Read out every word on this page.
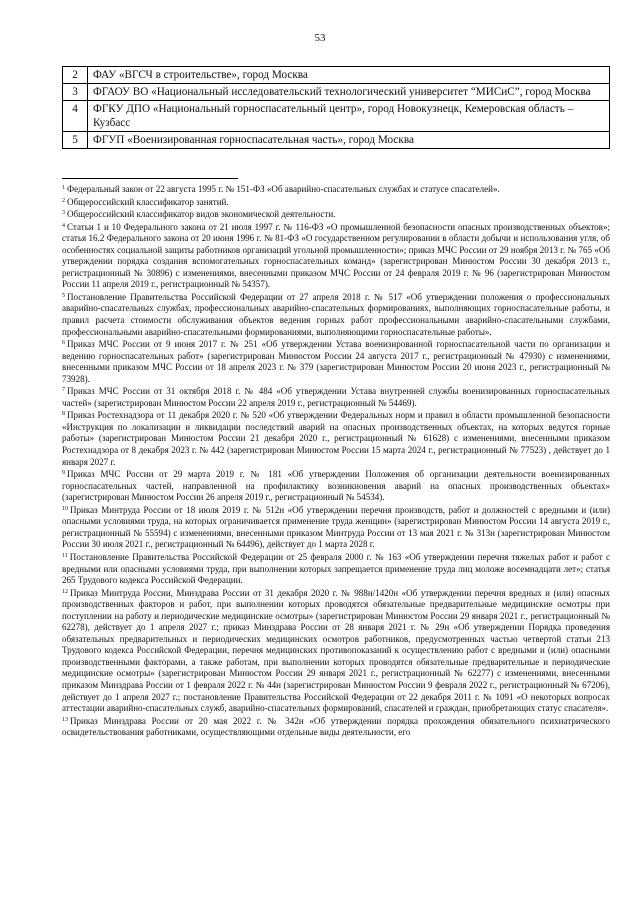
53
2	ФАУ «ВГСЧ в строительстве», город Москва
3	ФГАОУ ВО «Национальный исследовательский технологический университет “МИСиС”, город Москва
4	ФГКУ ДПО «Национальный горноспасательный центр», город Новокузнецк, Кемеровская область – Кузбасс
5	ФГУП «Военизированная горноспасательная часть», город Москва

$^1$ Федеральный закон от 22 августа 1995 г. № 151-ФЗ «Об аварийно-спасательных службах и статусе спасателей».

$^2$ Общероссийский классификатор занятий.

$^3$ Общероссийский классификатор видов экономической деятельности.

$^4$ Статьи 1 и 10 Федерального закона от 21 июля 1997 г. № 116-ФЗ «О промышленной безопасности опасных производственных объектов»; статья 16.2 Федерального закона от 20 июня 1996 г. № 81-ФЗ «О государственном регулировании в области добычи и использования угля, об особенностях социальной защиты работников организаций угольной промышленности»; приказ МЧС России от 29 ноября 2013 г. № 765 «Об утверждении порядка создания вспомогательных горноспасательных команд» (зарегистрирован Минюстом России 30 декабря 2013 г., регистрационный № 30896) с изменениями, внесенными приказом МЧС России от 24 февраля 2019 г. № 96 (зарегистрирован Минюстом России 11 апреля 2019 г., регистрационный № 54357).

$^5$ Постановление Правительства Российской Федерации от 27 апреля 2018 г. № 517 «Об утверждении положения о профессиональных аварийно-спасательных службах, профессиональных аварийно-спасательных формированиях, выполняющих горноспасательные работы, и правил расчета стоимости обслуживания объектов ведения горных работ профессиональными аварийно-спасательными службами, профессиональными аварийно-спасательными формированиями, выполняющими горноспасательные работы».

$^6$ Приказ МЧС России от 9 июня 2017 г. № 251 «Об утверждении Устава военизированной горноспасательной части по организации и ведению горноспасательных работ» (зарегистрирован Минюстом России 24 августа 2017 г., регистрационный № 47930) с изменениями, внесенными приказом МЧС России от 18 апреля 2023 г. № 379 (зарегистрирован Минюстом России 20 июня 2023 г., регистрационный № 73928).

$^7$ Приказ МЧС России от 31 октября 2018 г. № 484 «Об утверждении Устава внутренней службы военизированных горноспасательных частей» (зарегистрирован Минюстом России 22 апреля 2019 г., регистрационный № 54469).

$^8$ Приказ Ростехнадзора от 11 декабря 2020 г. № 520 «Об утверждении Федеральных норм и правил в области промышленной безопасности «Инструкция по локализации и ликвидации последствий аварий на опасных производственных объектах, на которых ведутся горные работы» (зарегистрирован Минюстом России 21 декабря 2020 г., регистрационный № 61628) с изменениями, внесенными приказом Ростехнадзора от 8 декабря 2023 г. № 442 (зарегистрирован Минюстом России 15 марта 2024 г., регистрационный № 77523) , действует до 1 января 2027 г.

$^9$ Приказ МЧС России от 29 марта 2019 г. № 181 «Об утверждении Положения об организации деятельности военизированных горноспасательных частей, направленной на профилактику возникновения аварий на опасных производственных объектах» (зарегистрирован Минюстом России 26 апреля 2019 г., регистрационный № 54534).

$^{10}$ Приказ Минтруда России от 18 июля 2019 г. № 512н «Об утверждении перечня производств, работ и должностей с вредными и (или) опасными условиями труда, на которых ограничивается применение труда женщин» (зарегистрирован Минюстом России 14 августа 2019 г., регистрационный № 55594) с изменениями, внесенными приказом Минтруда России от 13 мая 2021 г. № 313н (зарегистрирован Минюстом России 30 июля 2021 г., регистрационный № 64496), действует до 1 марта 2028 г.

$^{11}$ Постановление Правительства Российской Федерации от 25 февраля 2000 г. № 163 «Об утверждении перечня тяжелых работ и работ с вредными или опасными условиями труда, при выполнении которых запрещается применение труда лиц моложе восемнадцати лет»; статья 265 Трудового кодекса Российской Федерации.

$^{12}$ Приказ Минтруда России, Минздрава России от 31 декабря 2020 г. № 988н/1420н «Об утверждении перечня вредных и (или) опасных производственных факторов и работ, при выполнении которых проводятся обязательные предварительные медицинские осмотры при поступлении на работу и периодические медицинские осмотры» (зарегистрирован Минюстом России 29 января 2021 г., регистрационный № 62278), действует до 1 апреля 2027 г.; приказ Минздрава России от 28 января 2021 г. № 29н «Об утверждении Порядка проведения обязательных предварительных и периодических медицинских осмотров работников, предусмотренных частью четвертой статьи 213 Трудового кодекса Российской Федерации, перечня медицинских противопоказаний к осуществлению работ с вредными и (или) опасными производственными факторами, а также работам, при выполнении которых проводятся обязательные предварительные и периодические медицинские осмотры» (зарегистрирован Минюстом России 29 января 2021 г., регистрационный № 62277) с изменениями, внесенными приказом Минздрава России от 1 февраля 2022 г. № 44н (зарегистрирован Минюстом России 9 февраля 2022 г., регистрационный № 67206), действует до 1 апреля 2027 г.; постановление Правительства Российской Федерации от 22 декабря 2011 г. № 1091 «О некоторых вопросах аттестации аварийно-спасательных служб, аварийно-спасательных формирований, спасателей и граждан, приобретающих статус спасателя».

$^{13}$ Приказ Минздрава России от 20 мая 2022 г. № 342н «Об утверждении порядка прохождения обязательного психиатрического освидетельствования работниками, осуществляющими отдельные виды деятельности, его
